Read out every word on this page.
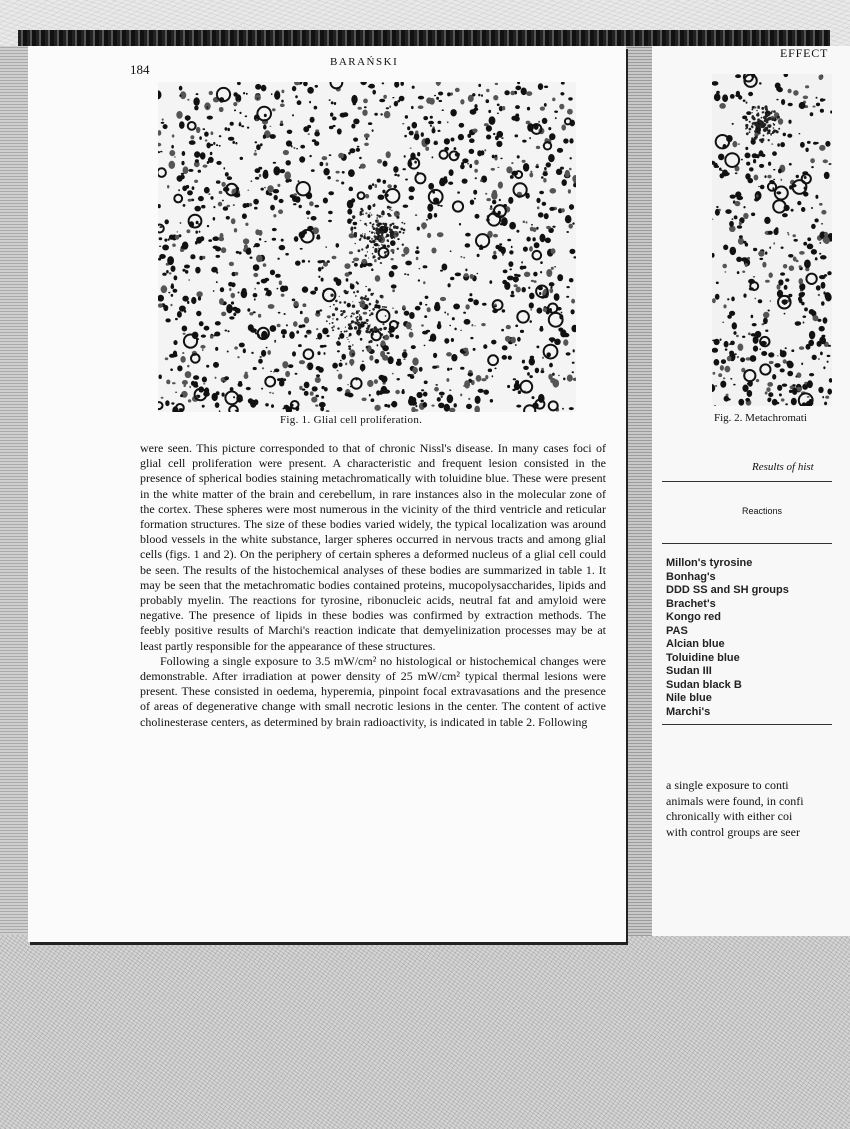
184	BARAŃSKI
Fig. 1. Glial cell proliferation.

were seen. This picture corresponded to that of chronic Nissl's disease. In many cases foci of glial cell proliferation were present. A characteristic and frequent lesion consisted in the presence of spherical bodies staining metachromatically with toluidine blue. These were present in the white matter of the brain and cerebellum, in rare instances also in the molecular zone of the cortex. These spheres were most numerous in the vicinity of the third ventricle and reticular formation structures. The size of these bodies varied widely, the typical localization was around blood vessels in the white substance, larger spheres occurred in nervous tracts and among glial cells (figs. 1 and 2). On the periphery of certain spheres a deformed nucleus of a glial cell could be seen. The results of the histochemical analyses of these bodies are summarized in table 1. It may be seen that the metachromatic bodies contained proteins, mucopolysaccharides, lipids and probably myelin. The reactions for tyrosine, ribonucleic acids, neutral fat and amyloid were negative. The presence of lipids in these bodies was confirmed by extraction methods. The feebly positive results of Marchi's reaction indicate that demyelinization processes may be at least partly responsible for the appearance of these structures.

Following a single exposure to 3.5 mW/cm² no histological or histochemical changes were demonstrable. After irradiation at power density of 25 mW/cm² typical thermal lesions were present. These consisted in oedema, hyperemia, pinpoint focal extravasations and the presence of areas of degenerative change with small necrotic lesions in the center. The content of active cholinesterase centers, as determined by brain radioactivity, is indicated in table 2. Following

EFFECT
Fig. 2. Metachromati
Results of hist
Reactions
Millon's tyrosine
Bonhag's
DDD SS and SH groups
Brachet's
Kongo red
PAS
Alcian blue
Toluidine blue
Sudan III
Sudan black B
Nile blue
Marchi's
a single exposure to conti
animals were found, in confi
chronically with either coi
with control groups are seer
